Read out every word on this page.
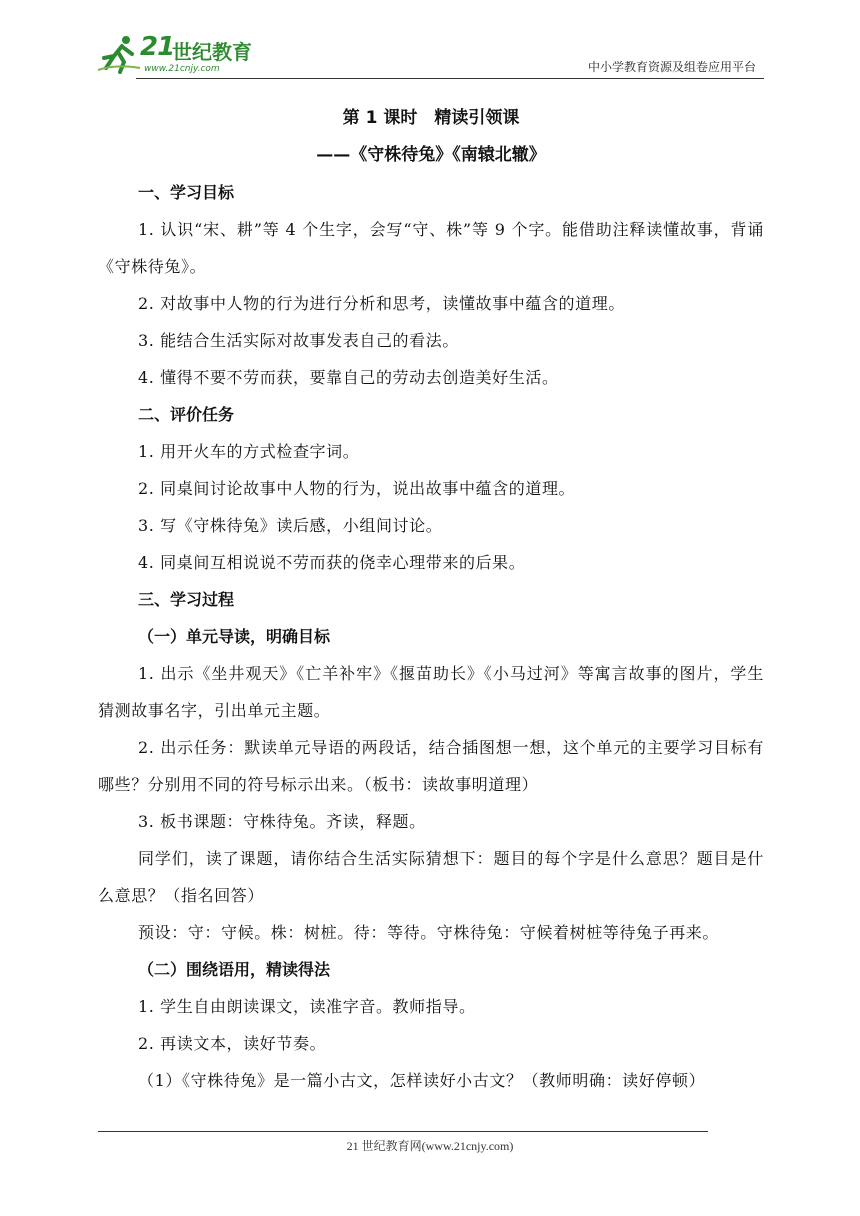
21
世纪教育
www.21cnjy.com	中小学教育资源及组卷应用平台
第 1 课时　精读引领课
——《守株待兔》《南辕北辙》
一、学习目标
1. 认识“宋、耕”等 4 个生字，会写“守、株”等 9 个字。能借助注释读懂故事，背诵《守株待兔》。
2. 对故事中人物的行为进行分析和思考，读懂故事中蕴含的道理。
3. 能结合生活实际对故事发表自己的看法。
4. 懂得不要不劳而获，要靠自己的劳动去创造美好生活。
二、评价任务
1. 用开火车的方式检查字词。
2. 同桌间讨论故事中人物的行为，说出故事中蕴含的道理。
3. 写《守株待兔》读后感，小组间讨论。
4. 同桌间互相说说不劳而获的侥幸心理带来的后果。
三、学习过程
（一）单元导读，明确目标
1. 出示《坐井观天》《亡羊补牢》《揠苗助长》《小马过河》等寓言故事的图片，学生猜测故事名字，引出单元主题。
2. 出示任务：默读单元导语的两段话，结合插图想一想，这个单元的主要学习目标有哪些？分别用不同的符号标示出来。（板书：读故事明道理）
3. 板书课题：守株待兔。齐读，释题。
同学们，读了课题，请你结合生活实际猜想下：题目的每个字是什么意思？题目是什么意思？（指名回答）
预设：守：守候。株：树桩。待：等待。守株待兔：守候着树桩等待兔子再来。
（二）围绕语用，精读得法
1. 学生自由朗读课文，读准字音。教师指导。
2. 再读文本，读好节奏。
（1）《守株待兔》是一篇小古文，怎样读好小古文？（教师明确：读好停顿）
21 世纪教育网(www.21cnjy.com)
